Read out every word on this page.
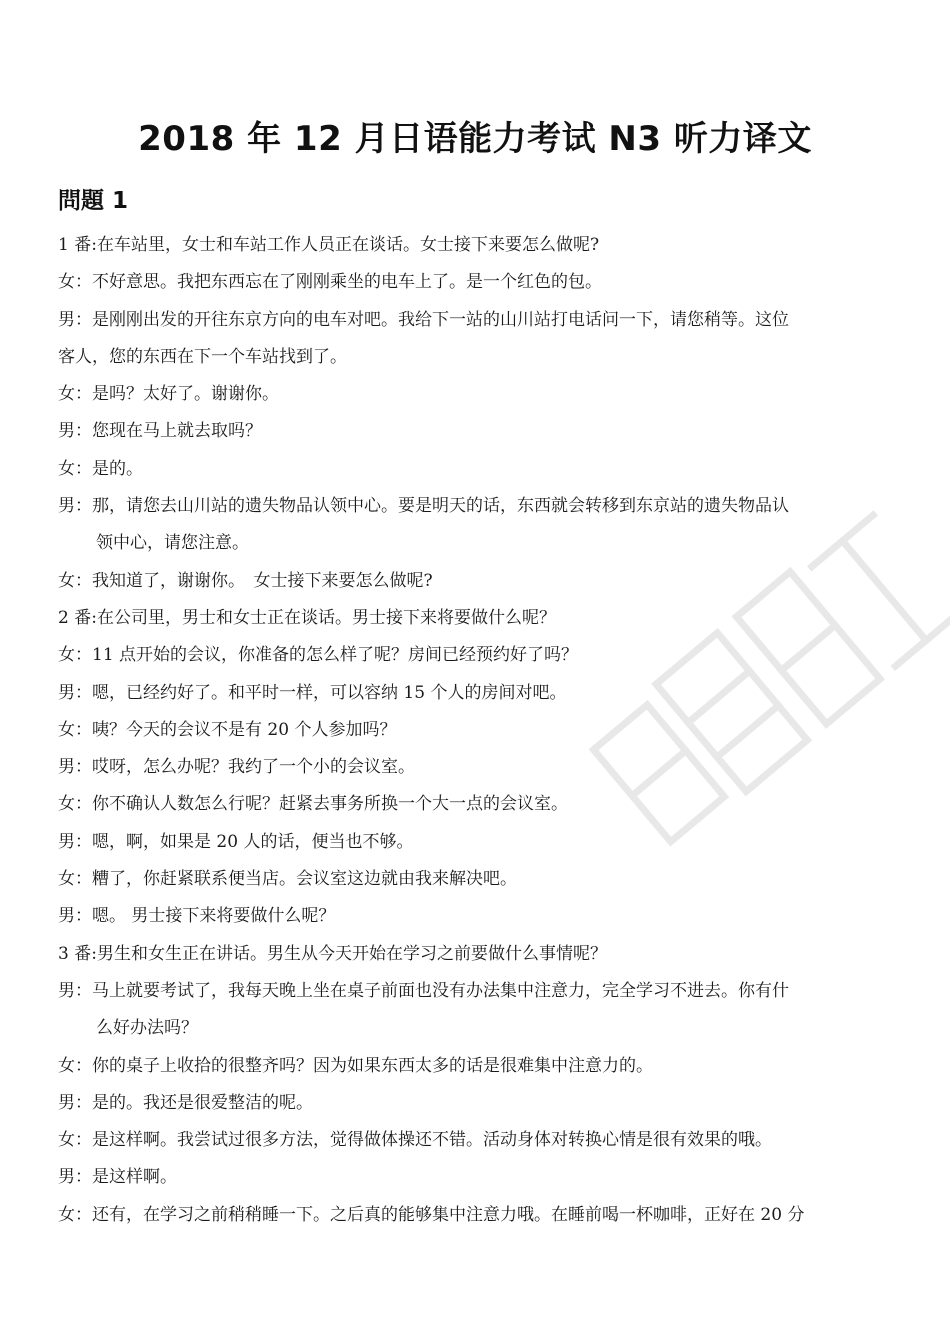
2018 年 12 月日语能力考试 N3 听力译文
問題 1
1 番:在车站里，女士和车站工作人员正在谈话。女士接下来要怎么做呢?
女：不好意思。我把东西忘在了刚刚乘坐的电车上了。是一个红色的包。
男：是刚刚出发的开往东京方向的电车对吧。我给下一站的山川站打电话问一下，请您稍等。这位
客人，您的东西在下一个车站找到了。
女：是吗？太好了。谢谢你。
男：您现在马上就去取吗？
女：是的。
男：那，请您去山川站的遗失物品认领中心。要是明天的话，东西就会转移到东京站的遗失物品认
领中心，请您注意。
女：我知道了，谢谢你。　女士接下来要怎么做呢?
2 番:在公司里，男士和女士正在谈话。男士接下来将要做什么呢？
女：11 点开始的会议，你准备的怎么样了呢？房间已经预约好了吗？
男：嗯，已经约好了。和平时一样，可以容纳 15 个人的房间对吧。
女：咦？今天的会议不是有 20 个人参加吗？
男：哎呀，怎么办呢？我约了一个小的会议室。
女：你不确认人数怎么行呢？赶紧去事务所换一个大一点的会议室。
男：嗯，啊，如果是 20 人的话，便当也不够。
女：糟了，你赶紧联系便当店。会议室这边就由我来解决吧。
男：嗯。 男士接下来将要做什么呢？
3 番:男生和女生正在讲话。男生从今天开始在学习之前要做什么事情呢？
男：马上就要考试了，我每天晚上坐在桌子前面也没有办法集中注意力，完全学习不进去。你有什
么好办法吗？
女：你的桌子上收拾的很整齐吗？因为如果东西太多的话是很难集中注意力的。
男：是的。我还是很爱整洁的呢。
女：是这样啊。我尝试过很多方法，觉得做体操还不错。活动身体对转换心情是很有效果的哦。
男：是这样啊。
女：还有，在学习之前稍稍睡一下。之后真的能够集中注意力哦。在睡前喝一杯咖啡，正好在 20 分
